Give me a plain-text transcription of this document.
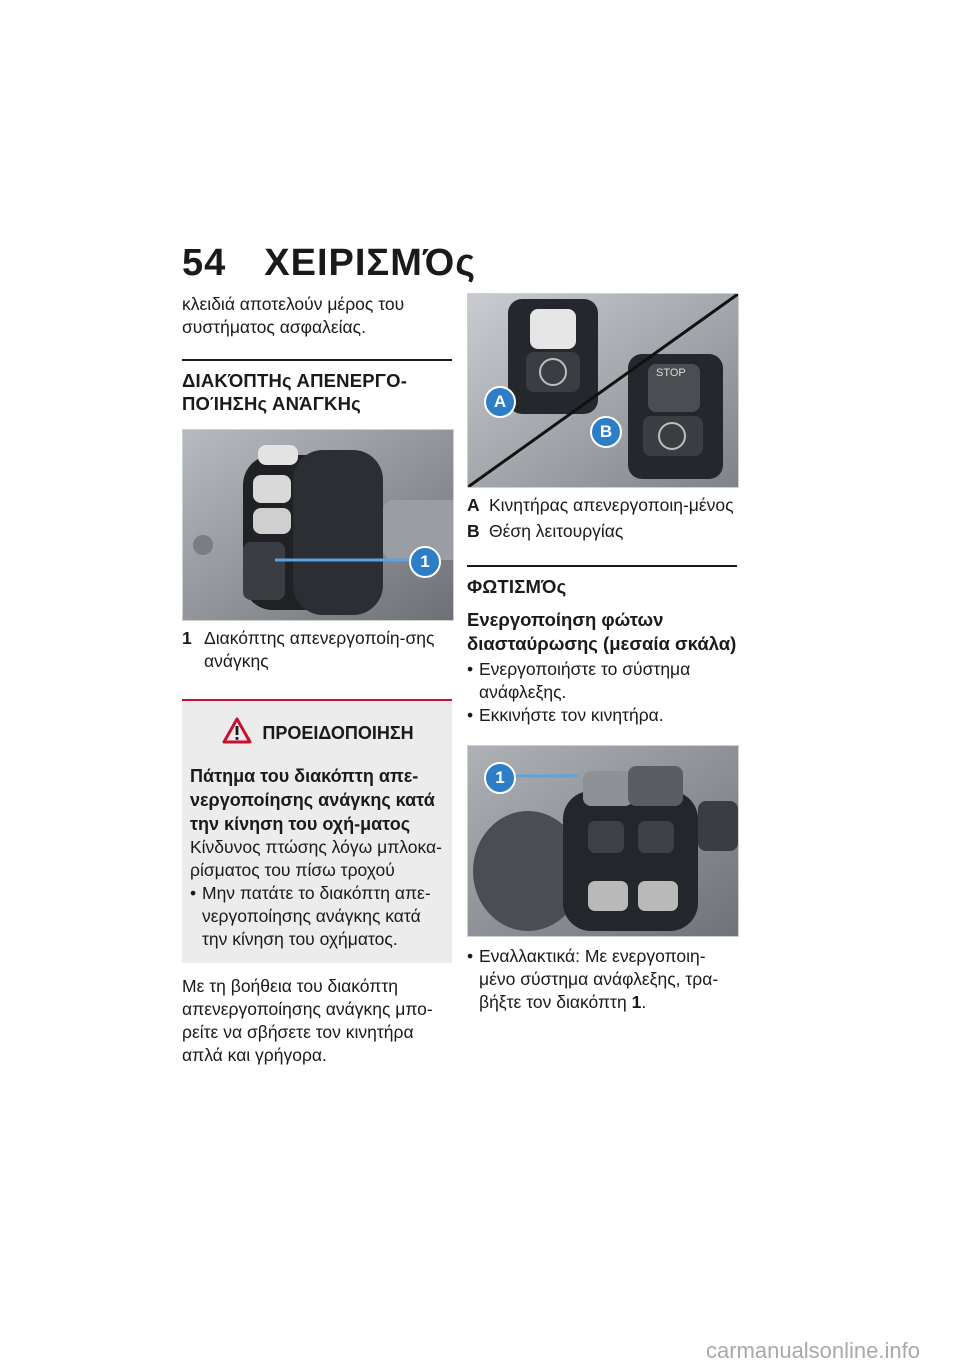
54 ΧΕΙΡΙΣΜΌς

κλειδιά αποτελούν μέρος του συστήματος ασφαλείας.

ΔΙΑΚΌΠΤΗς ΑΠΕΝΕΡΓΟ-ΠΟΊΗΣΗς ΑΝΆΓΚΗς
1
1 Διακόπτης απενεργοποίη-σης ανάγκης
ΠΡΟΕΙΔΟΠΟΙΗΣΗ
Πάτημα του διακόπτη απε-νεργοποίησης ανάγκης κατά την κίνηση του οχή-ματος
Κίνδυνος πτώσης λόγω μπλοκα-ρίσματος του πίσω τροχού
• Μην πατάτε το διακόπτη απε-νεργοποίησης ανάγκης κατά την κίνηση του οχήματος.

Με τη βοήθεια του διακόπτη απενεργοποίησης ανάγκης μπο-ρείτε να σβήσετε τον κινητήρα απλά και γρήγορα.

STOP
A
B
A Κινητήρας απενεργοποιη-μένος
B Θέση λειτουργίας
ΦΩΤΙΣΜΌς
Ενεργοποίηση φώτων διασταύρωσης (μεσαία σκάλα)
• Ενεργοποιήστε το σύστημα ανάφλεξης.
• Εκκινήστε τον κινητήρα.
1
• Εναλλακτικά: Με ενεργοποιη-μένο σύστημα ανάφλεξης, τρα-βήξτε τον διακόπτη 1.
carmanualsonline.info
